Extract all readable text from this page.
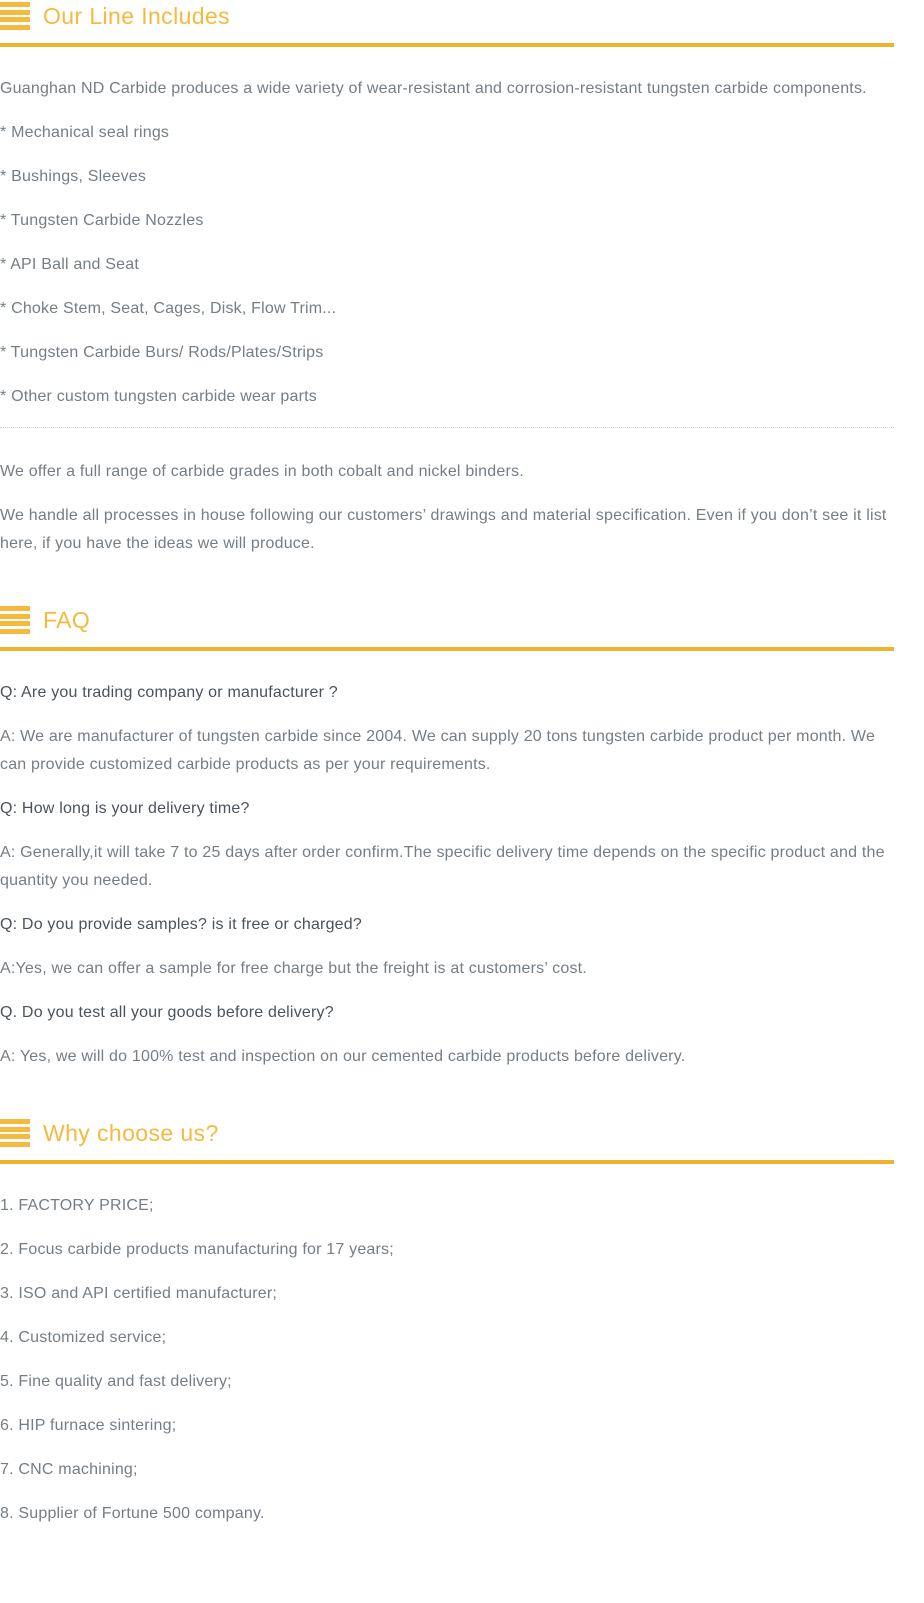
Our Line Includes

Guanghan ND Carbide produces a wide variety of wear-resistant and corrosion-resistant tungsten carbide components.

* Mechanical seal rings

* Bushings, Sleeves

* Tungsten Carbide Nozzles

* API Ball and Seat

* Choke Stem, Seat, Cages, Disk, Flow Trim...

* Tungsten Carbide Burs/ Rods/Plates/Strips

* Other custom tungsten carbide wear parts

We offer a full range of carbide grades in both cobalt and nickel binders.

We handle all processes in house following our customers’ drawings and material specification. Even if you don’t see it list here, if you have the ideas we will produce.

FAQ

Q: Are you trading company or manufacturer ?

A: We are manufacturer of tungsten carbide since 2004. We can supply 20 tons tungsten carbide product per month. We can provide customized carbide products as per your requirements.

Q: How long is your delivery time?

A: Generally,it will take 7 to 25 days after order confirm.The specific delivery time depends on the specific product and the quantity you needed.

Q: Do you provide samples? is it free or charged?

A:Yes, we can offer a sample for free charge but the freight is at customers’ cost.

Q. Do you test all your goods before delivery?

A: Yes, we will do 100% test and inspection on our cemented carbide products before delivery.

Why choose us?

1. FACTORY PRICE;

2. Focus carbide products manufacturing for 17 years;

3. ISO and API certified manufacturer;

4. Customized service;

5. Fine quality and fast delivery;

6. HIP furnace sintering;

7. CNC machining;

8. Supplier of Fortune 500 company.
